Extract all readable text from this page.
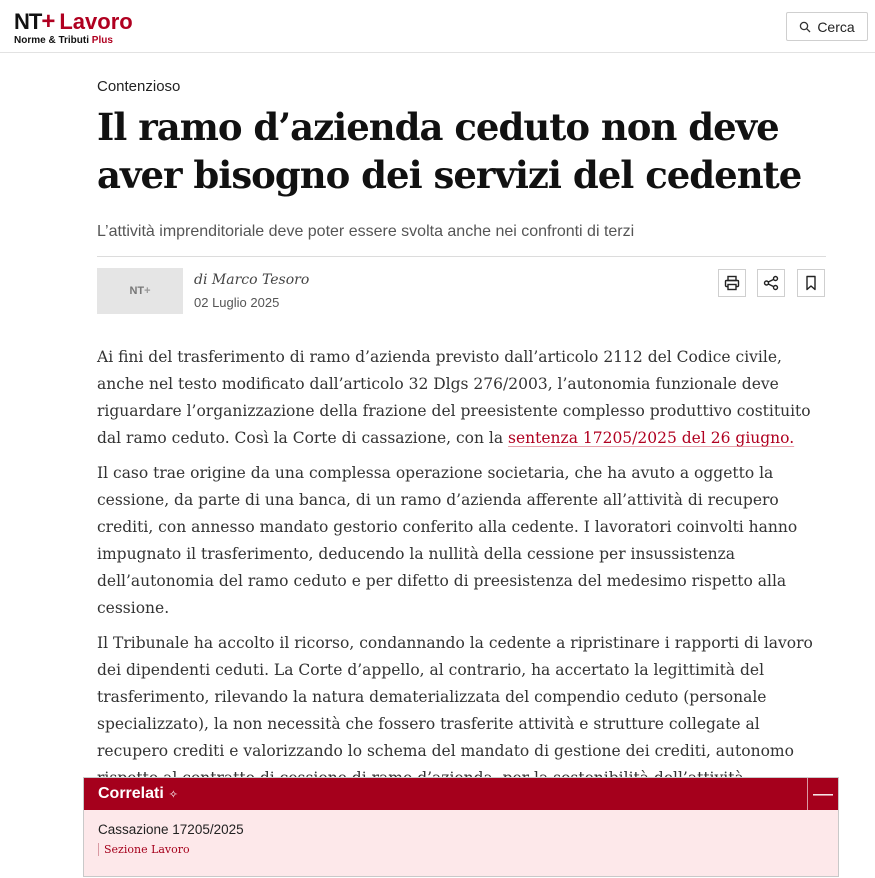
NT + Lavoro
Norme & Tributi Plus
Cerca
Contenzioso
Il ramo d’azienda ceduto non deve aver bisogno dei servizi del cedente
L’attività imprenditoriale deve poter essere svolta anche nei confronti di terzi
NT +
di Marco Tesoro
02 Luglio 2025

Ai fini del trasferimento di ramo d’azienda previsto dall’articolo 2112 del Codice civile, anche nel testo modificato dall’articolo 32 Dlgs 276/2003, l’autonomia funzionale deve riguardare l’organizzazione della frazione del preesistente complesso produttivo costituito dal ramo ceduto. Così la Corte di cassazione, con la sentenza 17205/2025 del 26 giugno.

Il caso trae origine da una complessa operazione societaria, che ha avuto a oggetto la cessione, da parte di una banca, di un ramo d’azienda afferente all’attività di recupero crediti, con annesso mandato gestorio conferito alla cedente. I lavoratori coinvolti hanno impugnato il trasferimento, deducendo la nullità della cessione per insussistenza dell’autonomia del ramo ceduto e per difetto di preesistenza del medesimo rispetto alla cessione.

Il Tribunale ha accolto il ricorso, condannando la cedente a ripristinare i rapporti di lavoro dei dipendenti ceduti. La Corte d’appello, al contrario, ha accertato la legittimità del trasferimento, rilevando la natura dematerializzata del compendio ceduto (personale specializzato), la non necessità che fossero trasferite attività e strutture collegate al recupero crediti e valorizzando lo schema del mandato di gestione dei crediti, autonomo

Correlati ✧	—
Cassazione 17205/2025
Sezione Lavoro
